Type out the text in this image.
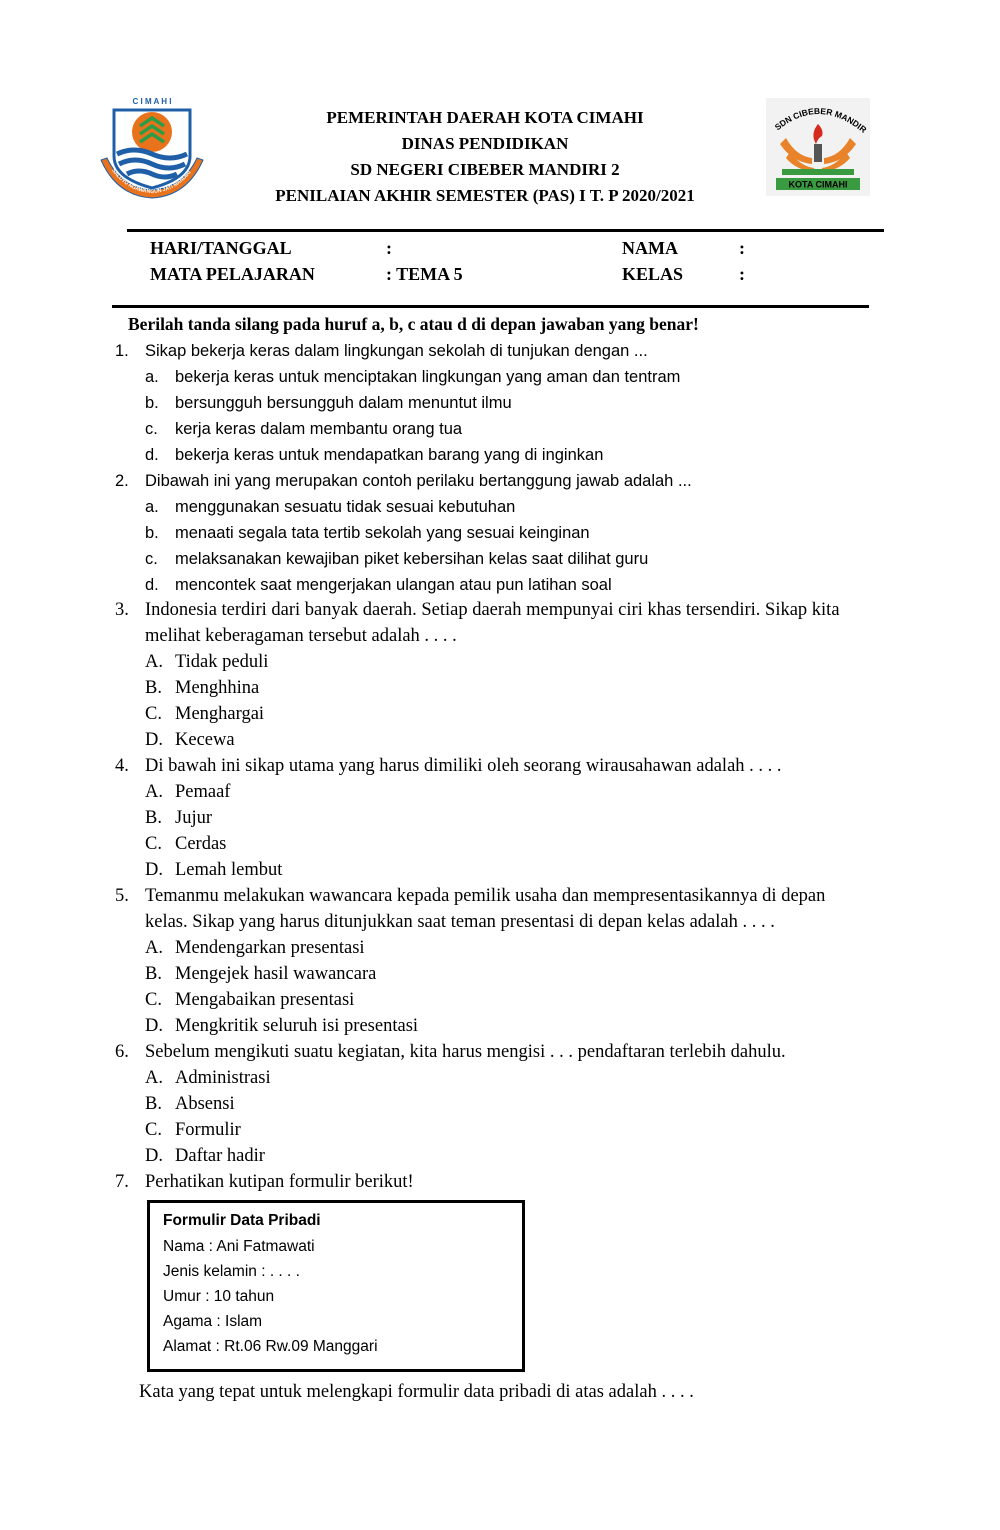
C I M A H I
SALUYU NGAWANGUN JATI MANDIRI
SDN CIBEBER MANDIR
KOTA CIMAHI
PEMERINTAH DAERAH KOTA CIMAHI
DINAS PENDIDIKAN
SD NEGERI CIBEBER MANDIRI 2
PENILAIAN AKHIR SEMESTER (PAS) I T. P 2020/2021
HARI/TANGGAL	:	NAMA	:
MATA PELAJARAN	: TEMA 5	KELAS	:
Berilah tanda silang pada huruf a, b, c atau d di depan jawaban yang benar!
1. Sikap bekerja keras dalam lingkungan sekolah di tunjukan dengan ...
a. bekerja keras untuk menciptakan lingkungan yang aman dan tentram
b. bersungguh bersungguh dalam menuntut ilmu
c. kerja keras dalam membantu orang tua
d. bekerja keras untuk mendapatkan barang yang di inginkan
2. Dibawah ini yang merupakan contoh perilaku bertanggung jawab adalah ...
a. menggunakan sesuatu tidak sesuai kebutuhan
b. menaati segala tata tertib sekolah yang sesuai keinginan
c. melaksanakan kewajiban piket kebersihan kelas saat dilihat guru
d. mencontek saat mengerjakan ulangan atau pun latihan soal
3. Indonesia terdiri dari banyak daerah. Setiap daerah mempunyai ciri khas tersendiri. Sikap kita
melihat keberagaman tersebut adalah . . . .
A. Tidak peduli
B. Menghhina
C. Menghargai
D. Kecewa
4. Di bawah ini sikap utama yang harus dimiliki oleh seorang wirausahawan adalah . . . .
A. Pemaaf
B. Jujur
C. Cerdas
D. Lemah lembut
5. Temanmu melakukan wawancara kepada pemilik usaha dan mempresentasikannya di depan
kelas. Sikap yang harus ditunjukkan saat teman presentasi di depan kelas adalah . . . .
A. Mendengarkan presentasi
B. Mengejek hasil wawancara
C. Mengabaikan presentasi
D. Mengkritik seluruh isi presentasi
6. Sebelum mengikuti suatu kegiatan, kita harus mengisi . . . pendaftaran terlebih dahulu.
A. Administrasi
B. Absensi
C. Formulir
D. Daftar hadir
7. Perhatikan kutipan formulir berikut!
Formulir Data Pribadi
Nama : Ani Fatmawati
Jenis kelamin : . . . .
Umur : 10 tahun
Agama : Islam
Alamat : Rt.06 Rw.09 Manggari
Kata yang tepat untuk melengkapi formulir data pribadi di atas adalah . . . .
